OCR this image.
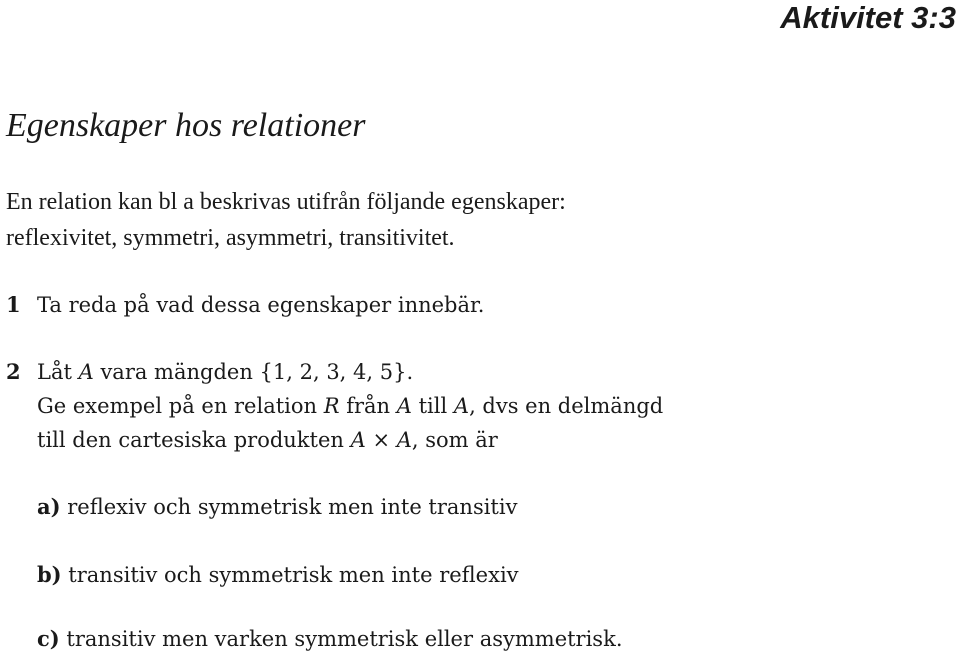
Aktivitet 3:3
Egenskaper hos relationer
En relation kan bl a beskrivas utifrån följande egenskaper:
reflexivitet, symmetri, asymmetri, transitivitet.
1 Ta reda på vad dessa egenskaper innebär.
2 Låt A vara mängden {1, 2, 3, 4, 5}.
Ge exempel på en relation R från A till A, dvs en delmängd
till den cartesiska produkten A × A, som är
a) reflexiv och symmetrisk men inte transitiv
b) transitiv och symmetrisk men inte reflexiv
c) transitiv men varken symmetrisk eller asymmetrisk.
